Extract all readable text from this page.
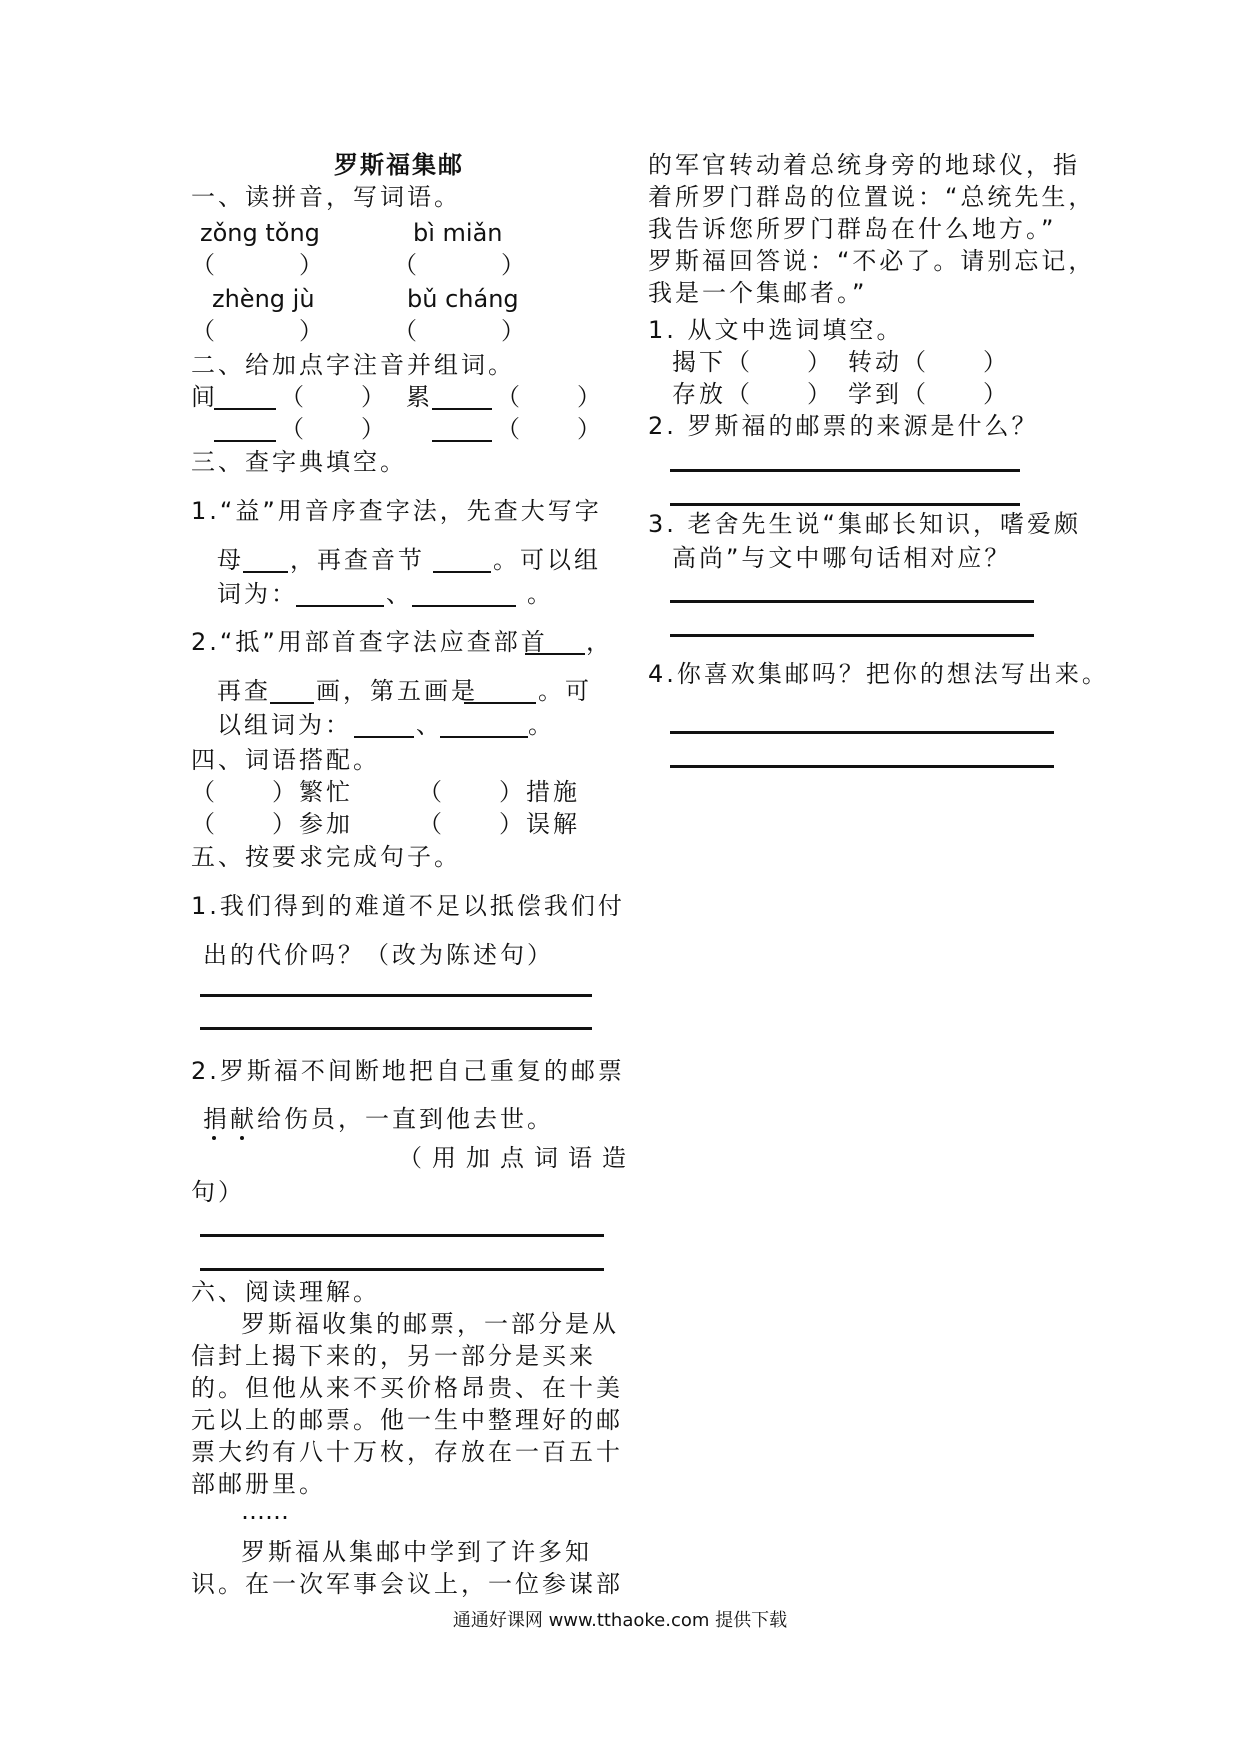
罗斯福集邮
一、读拼音，写词语。
zǒng tǒng	bì miǎn
（　　　）	（　　　）
zhèng jù	bǔ cháng
（　　　）	（　　　）
二、给加点字注音并组词。
间	（　　） 累	（　　）
（　　）	（　　）
三、查字典填空。
1.“益”用音序查字法，先查大写字
母 ，再查音节	。可以组
词为：	、	。
2.“抵”用部首查字法应查部首 ，
再查 画，第五画是	。可
以组词为：	、	。
四、词语搭配。
（　　）繁忙	（　　）措施
（　　）参加	（　　）误解
五、按要求完成句子。
1.我们得到的难道不足以抵偿我们付
出的代价吗？（改为陈述句）
2.罗斯福不间断地把自己重复的邮票
捐献给伤员，一直到他去世。
（用加点词语造
句）
六、阅读理解。
罗斯福收集的邮票，一部分是从
信封上揭下来的，另一部分是买来
的。但他从来不买价格昂贵、在十美
元以上的邮票。他一生中整理好的邮
票大约有八十万枚，存放在一百五十
部邮册里。
……
罗斯福从集邮中学到了许多知
识。在一次军事会议上，一位参谋部
的军官转动着总统身旁的地球仪，指
着所罗门群岛的位置说：“总统先生，
我告诉您所罗门群岛在什么地方。”
罗斯福回答说：“不必了。请别忘记，
我是一个集邮者。”
1. 从文中选词填空。
揭下（　　） 转动（　　）
存放（　　） 学到（　　）
2. 罗斯福的邮票的来源是什么？
3. 老舍先生说“集邮长知识，嗜爱颇
高尚”与文中哪句话相对应？
4.你喜欢集邮吗？把你的想法写出来。
通通好课网 www.tthaoke.com 提供下载
